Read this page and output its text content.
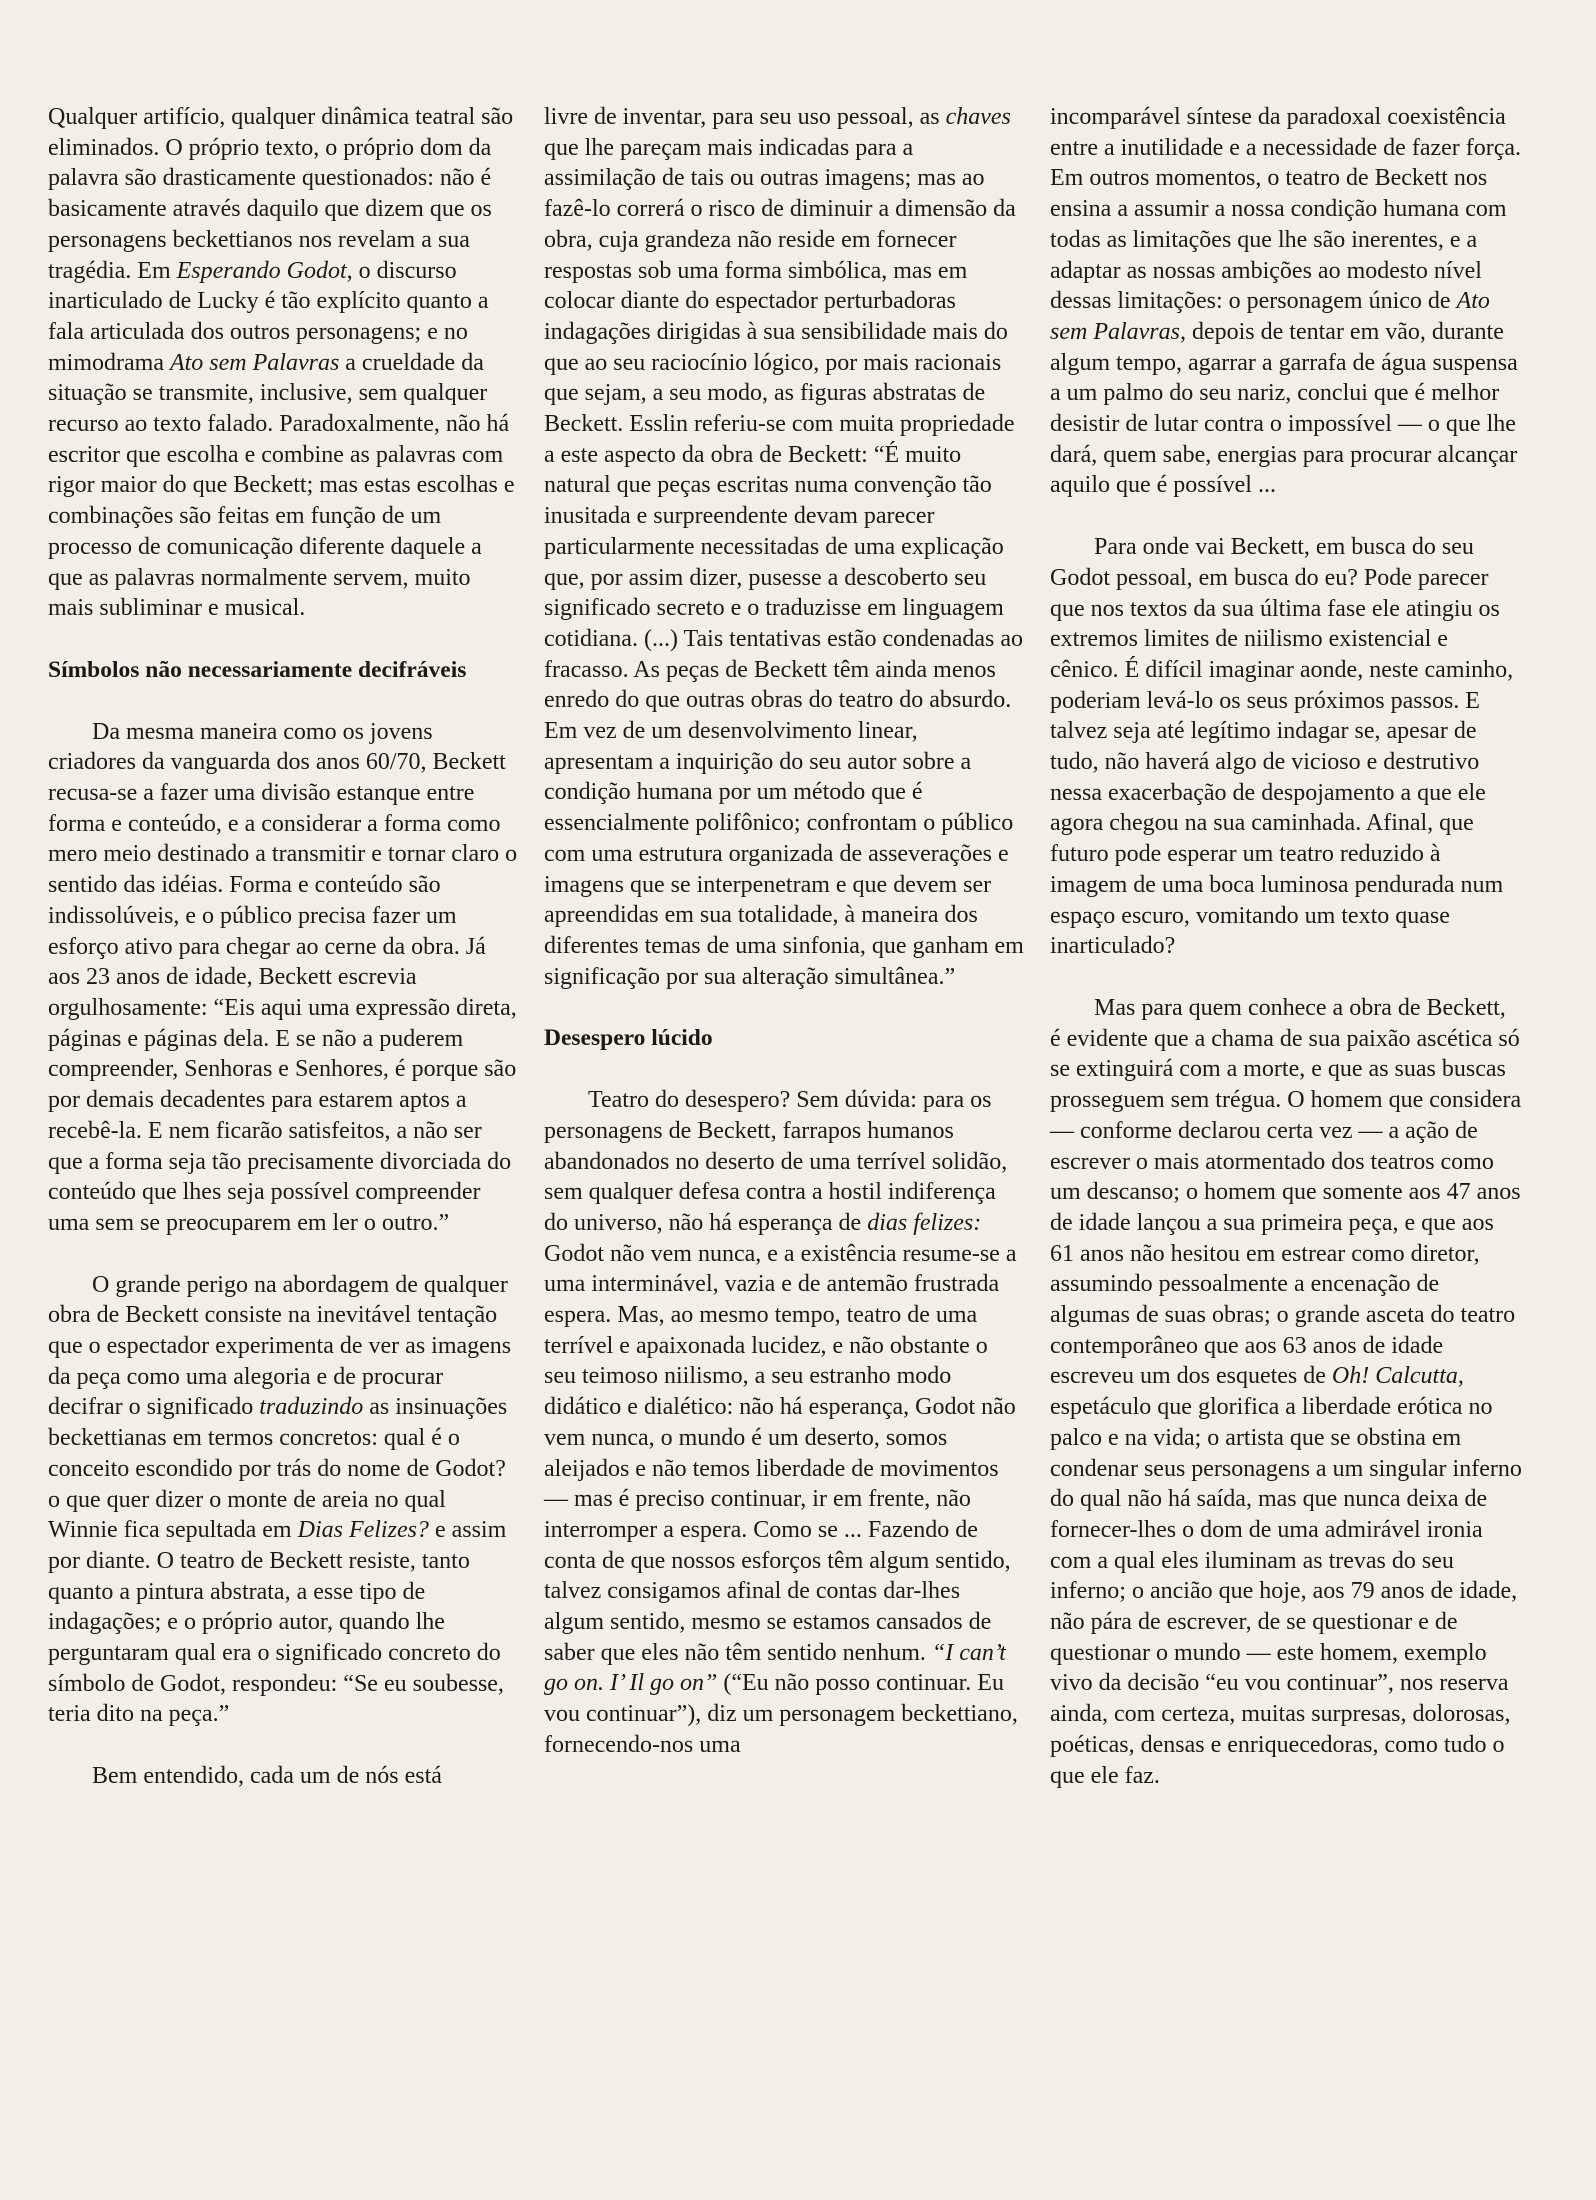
Qualquer artifício, qualquer dinâmica teatral são eliminados. O próprio texto, o próprio dom da palavra são drasticamente questionados: não é basicamente através daquilo que dizem que os personagens beckettianos nos revelam a sua tragédia. Em Esperando Godot, o discurso inarticulado de Lucky é tão explícito quanto a fala articulada dos outros personagens; e no mimodrama Ato sem Palavras a crueldade da situação se transmite, inclusive, sem qualquer recurso ao texto falado. Paradoxalmente, não há escritor que escolha e combine as palavras com rigor maior do que Beckett; mas estas escolhas e combinações são feitas em função de um processo de comunicação diferente daquele a que as palavras normalmente servem, muito mais subliminar e musical.

Símbolos não necessariamente decifráveis

Da mesma maneira como os jovens criadores da vanguarda dos anos 60/70, Beckett recusa-se a fazer uma divisão estanque entre forma e conteúdo, e a considerar a forma como mero meio destinado a transmitir e tornar claro o sentido das idéias. Forma e conteúdo são indissolúveis, e o público precisa fazer um esforço ativo para chegar ao cerne da obra. Já aos 23 anos de idade, Beckett escrevia orgulhosamente: “Eis aqui uma expressão direta, páginas e páginas dela. E se não a puderem compreender, Senhoras e Senhores, é porque são por demais decadentes para estarem aptos a recebê-la. E nem ficarão satisfeitos, a não ser que a forma seja tão precisamente divorciada do conteúdo que lhes seja possível compreender uma sem se preocuparem em ler o outro.”

O grande perigo na abordagem de qualquer obra de Beckett consiste na inevitável tentação que o espectador experimenta de ver as imagens da peça como uma alegoria e de procurar decifrar o significado traduzindo as insinuações beckettianas em termos concretos: qual é o conceito escondido por trás do nome de Godot? o que quer dizer o monte de areia no qual Winnie fica sepultada em Dias Felizes? e assim por diante. O teatro de Beckett resiste, tanto quanto a pintura abstrata, a esse tipo de indagações; e o próprio autor, quando lhe perguntaram qual era o significado concreto do símbolo de Godot, respondeu: “Se eu soubesse, teria dito na peça.”

Bem entendido, cada um de nós está

livre de inventar, para seu uso pessoal, as chaves que lhe pareçam mais indicadas para a assimilação de tais ou outras imagens; mas ao fazê-lo correrá o risco de diminuir a dimensão da obra, cuja grandeza não reside em fornecer respostas sob uma forma simbólica, mas em colocar diante do espectador perturbadoras indagações dirigidas à sua sensibilidade mais do que ao seu raciocínio lógico, por mais racionais que sejam, a seu modo, as figuras abstratas de Beckett. Esslin referiu-se com muita propriedade a este aspecto da obra de Beckett: “É muito natural que peças escritas numa convenção tão inusitada e surpreendente devam parecer particularmente necessitadas de uma explicação que, por assim dizer, pusesse a descoberto seu significado secreto e o traduzisse em linguagem cotidiana. (...) Tais tentativas estão condenadas ao fracasso. As peças de Beckett têm ainda menos enredo do que outras obras do teatro do absurdo. Em vez de um desenvolvimento linear, apresentam a inquirição do seu autor sobre a condição humana por um método que é essencialmente polifônico; confrontam o público com uma estrutura organizada de asseverações e imagens que se interpenetram e que devem ser apreendidas em sua totalidade, à maneira dos diferentes temas de uma sinfonia, que ganham em significação por sua alteração simultânea.”

Desespero lúcido

Teatro do desespero? Sem dúvida: para os personagens de Beckett, farrapos humanos abandonados no deserto de uma terrível solidão, sem qualquer defesa contra a hostil indiferença do universo, não há esperança de dias felizes: Godot não vem nunca, e a existência resume-se a uma interminável, vazia e de antemão frustrada espera. Mas, ao mesmo tempo, teatro de uma terrível e apaixonada lucidez, e não obstante o seu teimoso niilismo, a seu estranho modo didático e dialético: não há esperança, Godot não vem nunca, o mundo é um deserto, somos aleijados e não temos liberdade de movimentos — mas é preciso continuar, ir em frente, não interromper a espera. Como se ... Fazendo de conta de que nossos esforços têm algum sentido, talvez consigamos afinal de contas dar-lhes algum sentido, mesmo se estamos cansados de saber que eles não têm sentido nenhum. “I can’t go on. I’ Il go on” (“Eu não posso continuar. Eu vou continuar”), diz um personagem beckettiano, fornecendo-nos uma

incomparável síntese da paradoxal coexistência entre a inutilidade e a necessidade de fazer força. Em outros momentos, o teatro de Beckett nos ensina a assumir a nossa condição humana com todas as limitações que lhe são inerentes, e a adaptar as nossas ambições ao modesto nível dessas limitações: o personagem único de Ato sem Palavras, depois de tentar em vão, durante algum tempo, agarrar a garrafa de água suspensa a um palmo do seu nariz, conclui que é melhor desistir de lutar contra o impossível — o que lhe dará, quem sabe, energias para procurar alcançar aquilo que é possível ...

Para onde vai Beckett, em busca do seu Godot pessoal, em busca do eu? Pode parecer que nos textos da sua última fase ele atingiu os extremos limites de niilismo existencial e cênico. É difícil imaginar aonde, neste caminho, poderiam levá-lo os seus próximos passos. E talvez seja até legítimo indagar se, apesar de tudo, não haverá algo de vicioso e destrutivo nessa exacerbação de despojamento a que ele agora chegou na sua caminhada. Afinal, que futuro pode esperar um teatro reduzido à imagem de uma boca luminosa pendurada num espaço escuro, vomitando um texto quase inarticulado?

Mas para quem conhece a obra de Beckett, é evidente que a chama de sua paixão ascética só se extinguirá com a morte, e que as suas buscas prosseguem sem trégua. O homem que considera — conforme declarou certa vez — a ação de escrever o mais atormentado dos teatros como um descanso; o homem que somente aos 47 anos de idade lançou a sua primeira peça, e que aos 61 anos não hesitou em estrear como diretor, assumindo pessoalmente a encenação de algumas de suas obras; o grande asceta do teatro contemporâneo que aos 63 anos de idade escreveu um dos esquetes de Oh! Calcutta, espetáculo que glorifica a liberdade erótica no palco e na vida; o artista que se obstina em condenar seus personagens a um singular inferno do qual não há saída, mas que nunca deixa de fornecer-lhes o dom de uma admirável ironia com a qual eles iluminam as trevas do seu inferno; o ancião que hoje, aos 79 anos de idade, não pára de escrever, de se questionar e de questionar o mundo — este homem, exemplo vivo da decisão “eu vou continuar”, nos reserva ainda, com certeza, muitas surpresas, dolorosas, poéticas, densas e enriquecedoras, como tudo o que ele faz.
